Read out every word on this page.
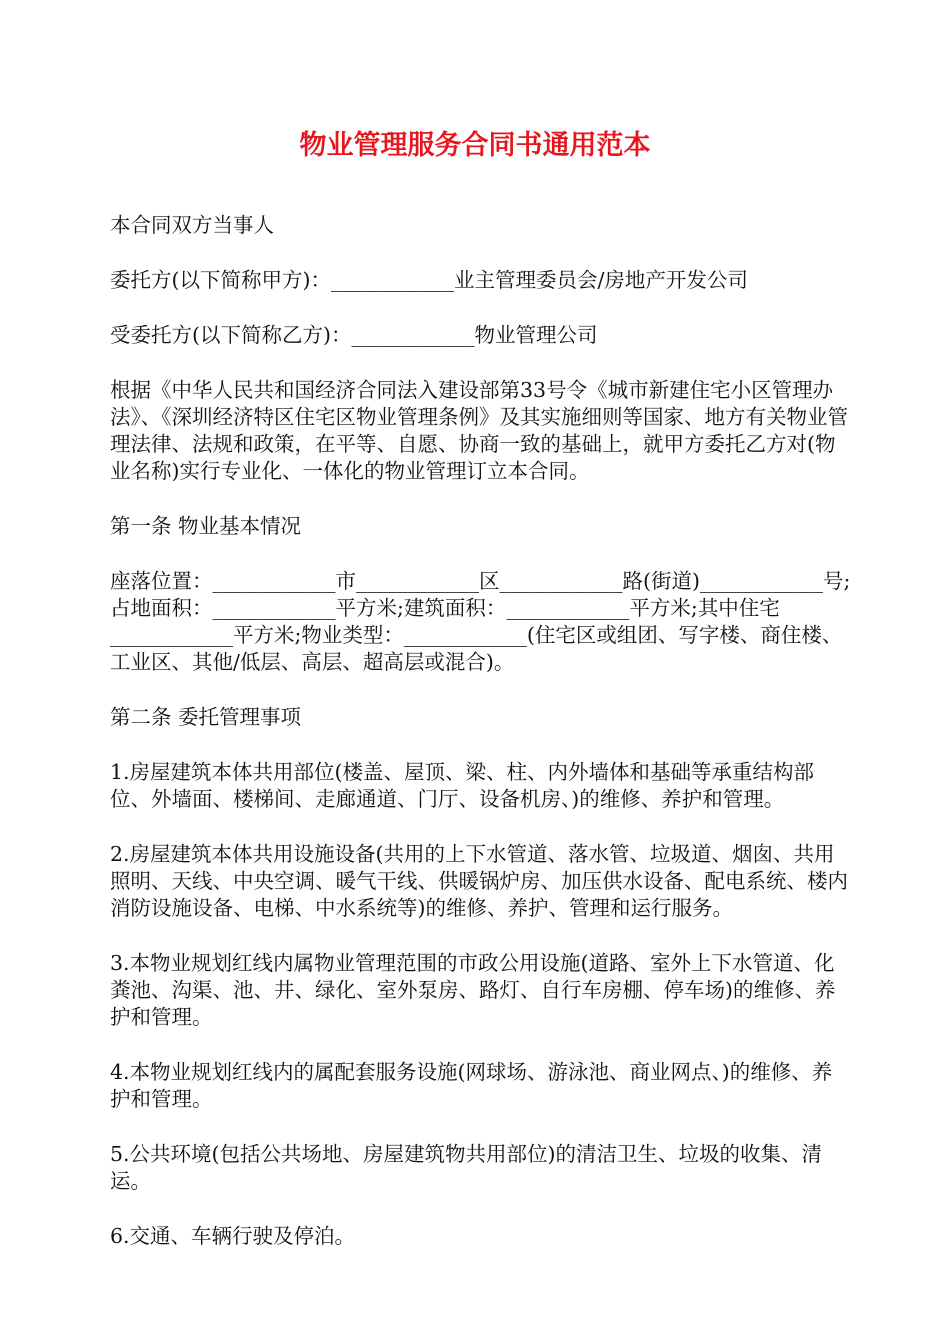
物业管理服务合同书通用范本

本合同双方当事人

委托方(以下简称甲方)：____________业主管理委员会/房地产开发公司

受委托方(以下简称乙方)：____________物业管理公司

根据《中华人民共和国经济合同法入建设部第33号令《城市新建住宅小区管理办法》、《深圳经济特区住宅区物业管理条例》及其实施细则等国家、地方有关物业管理法律、法规和政策，在平等、自愿、协商一致的基础上，就甲方委托乙方对(物业名称)实行专业化、一体化的物业管理订立本合同。

第一条 物业基本情况

座落位置：____________市____________区____________路(街道)____________号;占地面积：____________平方米;建筑面积：____________平方米;其中住宅____________平方米;物业类型：____________(住宅区或组团、写字楼、商住楼、工业区、其他/低层、高层、超高层或混合)。

第二条 委托管理事项

1.房屋建筑本体共用部位(楼盖、屋顶、梁、柱、内外墙体和基础等承重结构部位、外墙面、楼梯间、走廊通道、门厅、设备机房、)的维修、养护和管理。

2.房屋建筑本体共用设施设备(共用的上下水管道、落水管、垃圾道、烟囱、共用照明、天线、中央空调、暖气干线、供暖锅炉房、加压供水设备、配电系统、楼内消防设施设备、电梯、中水系统等)的维修、养护、管理和运行服务。

3.本物业规划红线内属物业管理范围的市政公用设施(道路、室外上下水管道、化粪池、沟渠、池、井、绿化、室外泵房、路灯、自行车房棚、停车场)的维修、养护和管理。

4.本物业规划红线内的属配套服务设施(网球场、游泳池、商业网点、)的维修、养护和管理。

5.公共环境(包括公共场地、房屋建筑物共用部位)的清洁卫生、垃圾的收集、清运。

6.交通、车辆行驶及停泊。
